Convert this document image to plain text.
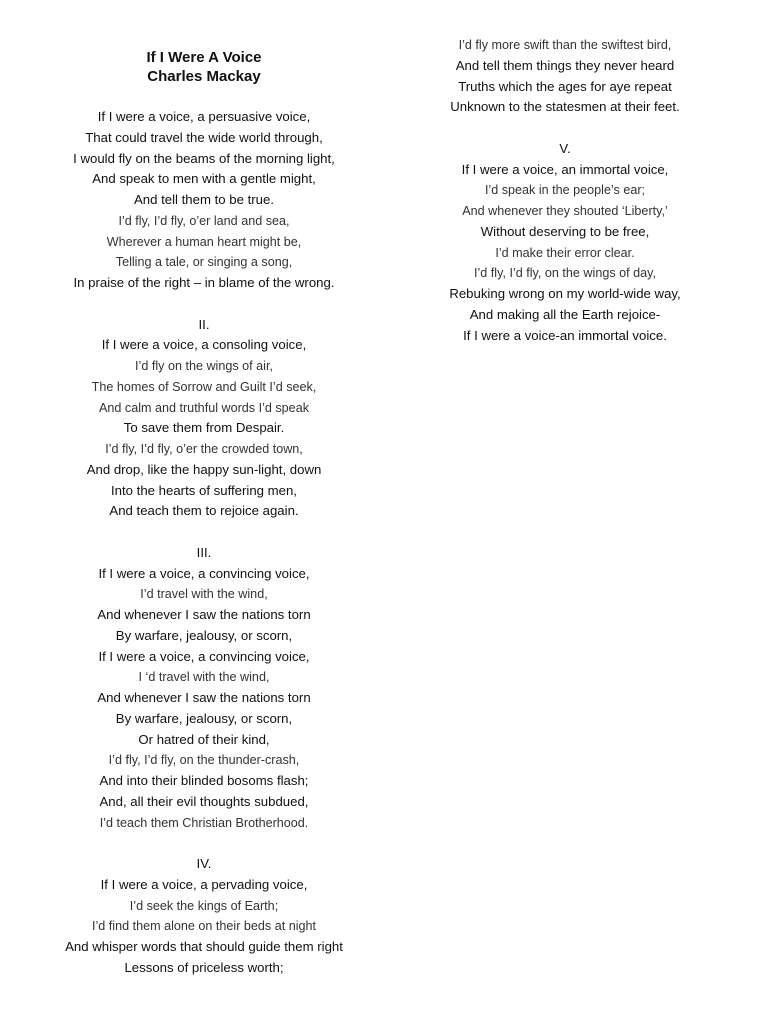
If I Were A Voice
Charles Mackay
If I were a voice, a persuasive voice,
That could travel the wide world through,
I would fly on the beams of the morning light,
And speak to men with a gentle might,
And tell them to be true.
I’d fly, I’d fly, o’er land and sea,
Wherever a human heart might be,
Telling a tale, or singing a song,
In praise of the right – in blame of the wrong.
II.
If I were a voice, a consoling voice,
I’d fly on the wings of air,
The homes of Sorrow and Guilt I’d seek,
And calm and truthful words I’d speak
To save them from Despair.
I’d fly, I’d fly, o’er the crowded town,
And drop, like the happy sun-light, down
Into the hearts of suffering men,
And teach them to rejoice again.
III.
If I were a voice, a convincing voice,
I’d travel with the wind,
And whenever I saw the nations torn
By warfare, jealousy, or scorn,
If I were a voice, a convincing voice,
I ‘d travel with the wind,
And whenever I saw the nations torn
By warfare, jealousy, or scorn,
Or hatred of their kind,
I’d fly, I’d fly, on the thunder-crash,
And into their blinded bosoms flash;
And, all their evil thoughts subdued,
I’d teach them Christian Brotherhood.
IV.
If I were a voice, a pervading voice,
I’d seek the kings of Earth;
I’d find them alone on their beds at night
And whisper words that should guide them right
Lessons of priceless worth;
I’d fly more swift than the swiftest bird,
And tell them things they never heard
Truths which the ages for aye repeat
Unknown to the statesmen at their feet.
V.
If I were a voice, an immortal voice,
I’d speak in the people’s ear;
And whenever they shouted ‘Liberty,’
Without deserving to be free,
I’d make their error clear.
I’d fly, I’d fly, on the wings of day,
Rebuking wrong on my world-wide way,
And making all the Earth rejoice-
If I were a voice-an immortal voice.
